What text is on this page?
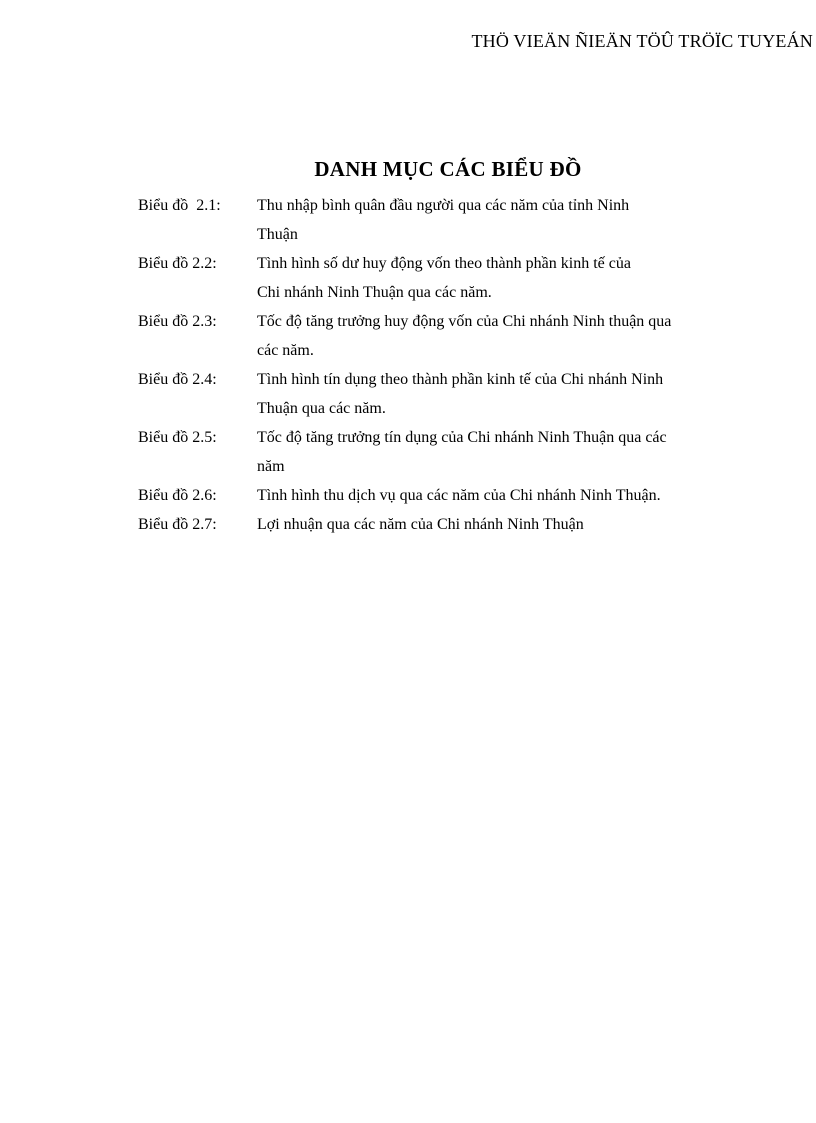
THÖ VIEÄN ÑIEÄN TÖÛ TRÖÏC TUYEÁN
DANH MỤC CÁC BIỂU ĐỒ
Biểu đồ  2.1:	Thu nhập bình quân đầu người qua các năm của tỉnh Ninh
Thuận
Biểu đồ 2.2:	Tình hình số dư huy động vốn theo thành phần kinh tế của
Chi nhánh Ninh Thuận qua các năm.
Biểu đồ 2.3:	Tốc độ tăng trưởng huy động vốn của Chi nhánh Ninh thuận qua
các năm.
Biểu đồ 2.4:	Tình hình tín dụng theo thành phần kinh tế của Chi nhánh Ninh
Thuận qua các năm.
Biểu đồ 2.5:	Tốc độ tăng trưởng tín dụng của Chi nhánh Ninh Thuận qua các
năm
Biểu đồ 2.6:	Tình hình thu dịch vụ qua các năm của Chi nhánh Ninh Thuận.
Biểu đồ 2.7:	Lợi nhuận qua các năm của Chi nhánh Ninh Thuận
